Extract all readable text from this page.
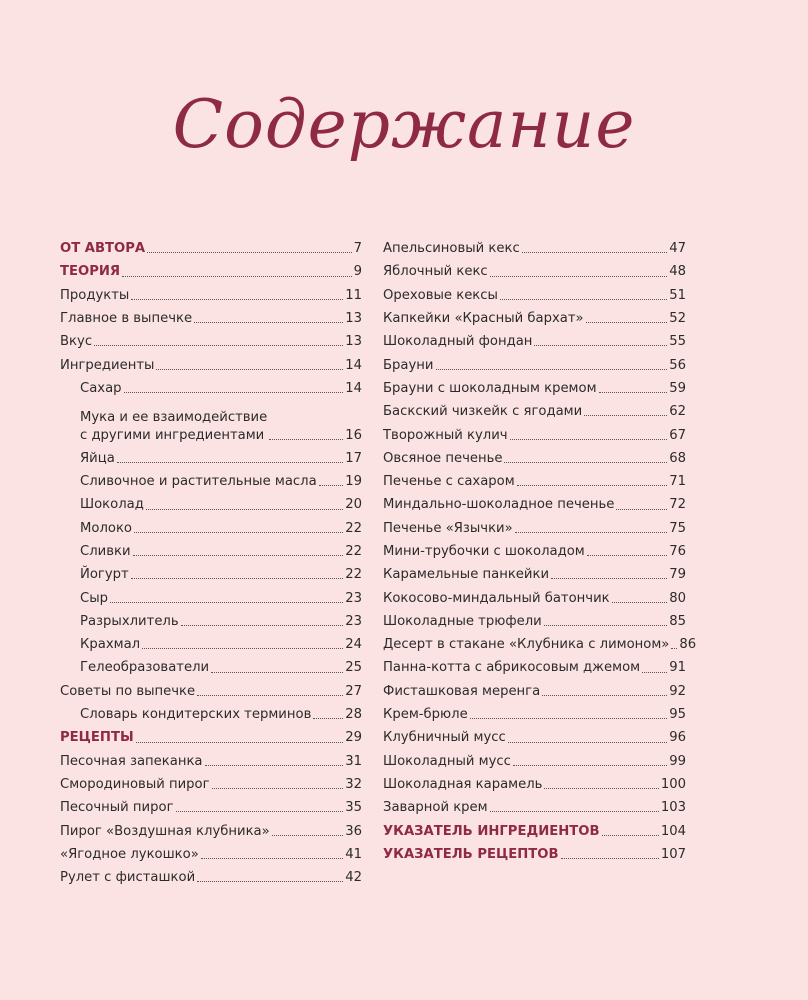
Содержание
ОТ АВТОРА	7
ТЕОРИЯ	9
Продукты	11
Главное в выпечке	13
Вкус	13
Ингредиенты	14
Сахар	14
Мука и ее взаимодействие
с другими ингредиентами	16
Яйца	17
Сливочное и растительные масла 19
Шоколад	20
Молоко	22
Сливки	22
Йогурт	22
Сыр	23
Разрыхлитель	23
Крахмал	24
Гелеобразователи	25
Советы по выпечке	27
Словарь кондитерских терминов	28
РЕЦЕПТЫ	29
Песочная запеканка	31
Смородиновый пирог	32
Песочный пирог	35
Пирог «Воздушная клубника»	36
«Ягодное лукошко»	41
Рулет с фисташкой	42
Апельсиновый кекс	47
Яблочный кекс	48
Ореховые кексы	51
Капкейки «Красный бархат»	52
Шоколадный фондан	55
Брауни	56
Брауни с шоколадным кремом	59
Баскский чизкейк с ягодами	62
Творожный кулич	67
Овсяное печенье	68
Печенье с сахаром	71
Миндально-шоколадное печенье	72
Печенье «Язычки»	75
Мини-трубочки с шоколадом	76
Карамельные панкейки	79
Кокосово-миндальный батончик	80
Шоколадные трюфели	85
Десерт в стакане «Клубника с лимоном» 86
Панна-котта с абрикосовым джемом 91
Фисташковая меренга	92
Крем-брюле	95
Клубничный мусс	96
Шоколадный мусс	99
Шоколадная карамель	100
Заварной крем	103
УКАЗАТЕЛЬ ИНГРЕДИЕНТОВ	104
УКАЗАТЕЛЬ РЕЦЕПТОВ	107
